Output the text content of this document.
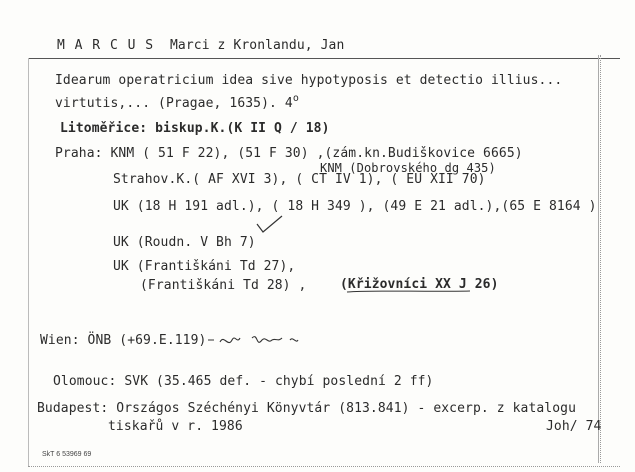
M A R C U S Marci z Kronlandu, Jan
Idearum operatricium idea sive hypotyposis et detectio illius...
virtutis,... (Pragae, 1635). 4$^o$
Litoměřice: biskup.K.(K II Q / 18)
Praha: KNM ( 51 F 22), (51 F 30) ,(zám.kn.Budiškovice 6665)
KNM (Dobrovského dg 435)
Strahov.K.( AF XVI 3), ( CT IV 1), ( EU XII 70)
UK (18 H 191 adl.), ( 18 H 349 ), (49 E 21 adl.),(65 E 8164 )
UK (Roudn. V Bh 7)
UK (Františkáni Td 27),
(Františkáni Td 28) ,	(Křižovníci XX J 26)
Wien: ÖNB (+69.E.119)
Olomouc: SVK (35.465 def. - chybí poslední 2 ff)
Budapest: Országos Széchényi Könyvtár (813.841) - excerp. z katalogu
tiskařů v r. 1986	Joh/ 74
SkT 6 53969 69
